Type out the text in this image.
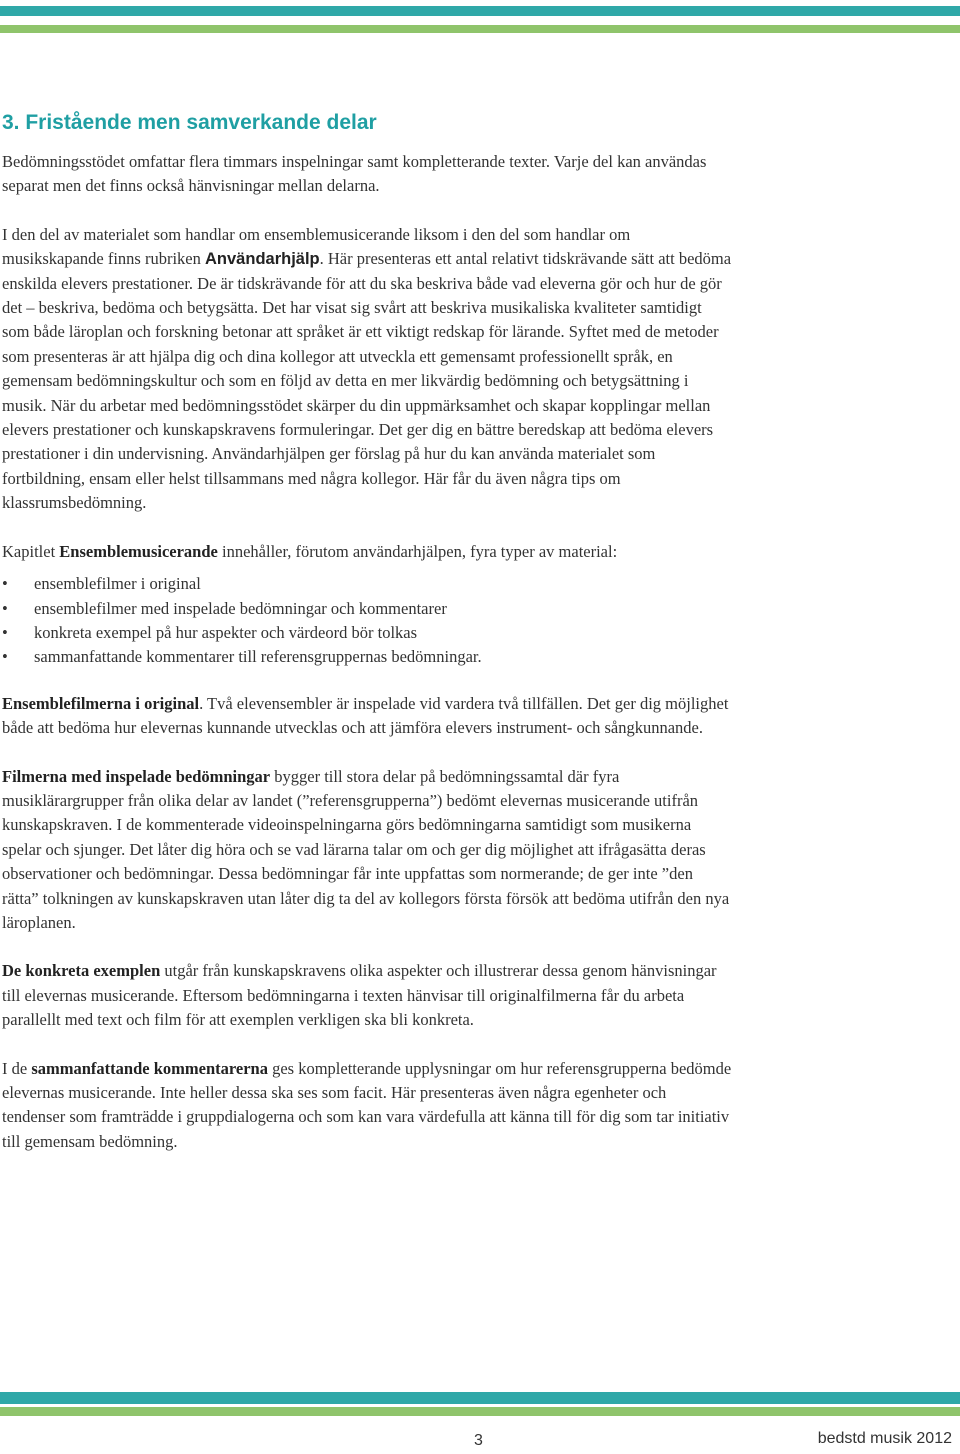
3. Fristående men samverkande delar

Bedömningsstödet omfattar flera timmars inspelningar samt kompletterande texter. Varje del kan användas separat men det finns också hänvisningar mellan delarna.

I den del av materialet som handlar om ensemblemusicerande liksom i den del som handlar om musikskapande finns rubriken Användarhjälp. Här presenteras ett antal relativt tidskrävande sätt att bedöma enskilda elevers prestationer. De är tidskrävande för att du ska beskriva både vad eleverna gör och hur de gör det – beskriva, bedöma och betygsätta. Det har visat sig svårt att beskriva musikaliska kvaliteter samtidigt som både läroplan och forskning betonar att språket är ett viktigt redskap för lärande. Syftet med de metoder som presenteras är att hjälpa dig och dina kollegor att utveckla ett gemensamt professionellt språk, en gemensam bedömningskultur och som en följd av detta en mer likvärdig bedömning och betygsättning i musik. När du arbetar med bedömningsstödet skärper du din uppmärksamhet och skapar kopplingar mellan elevers prestationer och kunskapskravens formuleringar. Det ger dig en bättre beredskap att bedöma elevers prestationer i din undervisning. Användarhjälpen ger förslag på hur du kan använda materialet som fortbildning, ensam eller helst tillsammans med några kollegor. Här får du även några tips om klassrumsbedömning.

Kapitlet Ensemblemusicerande innehåller, förutom användarhjälpen, fyra typer av material:

• ensemblefilmer i original
• ensemblefilmer med inspelade bedömningar och kommentarer
• konkreta exempel på hur aspekter och värdeord bör tolkas
• sammanfattande kommentarer till referensgruppernas bedömningar.

Ensemblefilmerna i original. Två elevensembler är inspelade vid vardera två tillfällen. Det ger dig möjlighet både att bedöma hur elevernas kunnande utvecklas och att jämföra elevers instrument- och sångkunnande.

Filmerna med inspelade bedömningar bygger till stora delar på bedömningssamtal där fyra musiklärargrupper från olika delar av landet (”referensgrupperna”) bedömt elevernas musicerande utifrån kunskapskraven. I de kommenterade videoinspelningarna görs bedömningarna samtidigt som musikerna spelar och sjunger. Det låter dig höra och se vad lärarna talar om och ger dig möjlighet att ifrågasätta deras observationer och bedömningar. Dessa bedömningar får inte uppfattas som normerande; de ger inte ”den rätta” tolkningen av kunskapskraven utan låter dig ta del av kollegors första försök att bedöma utifrån den nya läroplanen.

De konkreta exemplen utgår från kunskapskravens olika aspekter och illustrerar dessa genom hänvisningar till elevernas musicerande. Eftersom bedömningarna i texten hänvisar till originalfilmerna får du arbeta parallellt med text och film för att exemplen verkligen ska bli konkreta.

I de sammanfattande kommentarerna ges kompletterande upplysningar om hur referensgrupperna bedömde elevernas musicerande. Inte heller dessa ska ses som facit. Här presenteras även några egenheter och tendenser som framträdde i gruppdialogerna och som kan vara värdefulla att känna till för dig som tar initiativ till gemensam bedömning.

3	bedstd musik 2012
